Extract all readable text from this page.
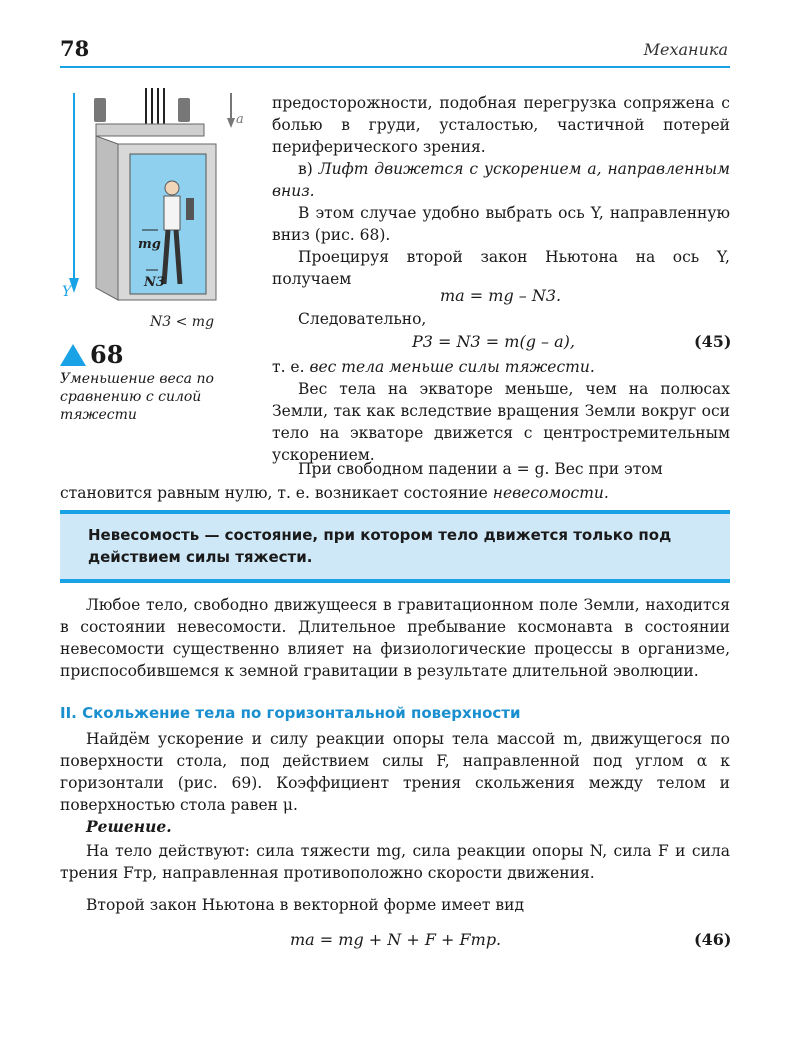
78	Механика
Y
a
mg
N3
N3 < mg
68
Уменьшение веса по сравнению с силой тяжести

предосторожности, подобная перегрузка сопряжена с болью в груди, усталостью, частичной потерей периферического зрения.

в) Лифт движется с ускорением a, направленным вниз.

В этом случае удобно выбрать ось Y, направленную вниз (рис. 68).

Проецируя второй закон Ньютона на ось Y, получаем

ma = mg – N3.

Следовательно,

P3 = N3 = m(g – a),	(45)

т. е. вес тела меньше силы тяжести.

Вес тела на экваторе меньше, чем на полюсах Земли, так как вследствие вращения Земли вокруг оси тело на экваторе движется с центростремительным ускорением.

При свободном падении a = g. Вес при этом

становится равным нулю, т. е. возникает состояние невесомости.

Невесомость — состояние, при котором тело движется только под действием силы тяжести.

Любое тело, свободно движущееся в гравитационном поле Земли, находится в состоянии невесомости. Длительное пребывание космонавта в состоянии невесомости существенно влияет на физиологические процессы в организме, приспособившемся к земной гравитации в результате длительной эволюции.

II. Скольжение тела по горизонтальной поверхности

Найдём ускорение и силу реакции опоры тела массой m, движущегося по поверхности стола, под действием силы F, направленной под углом α к горизонтали (рис. 69). Коэффициент трения скольжения между телом и поверхностью стола равен μ.

Решение.

На тело действуют: сила тяжести mg, сила реакции опоры N, сила F и сила трения Fтр, направленная противоположно скорости движения.

Второй закон Ньютона в векторной форме имеет вид

ma = mg + N + F + Fтр.	(46)
